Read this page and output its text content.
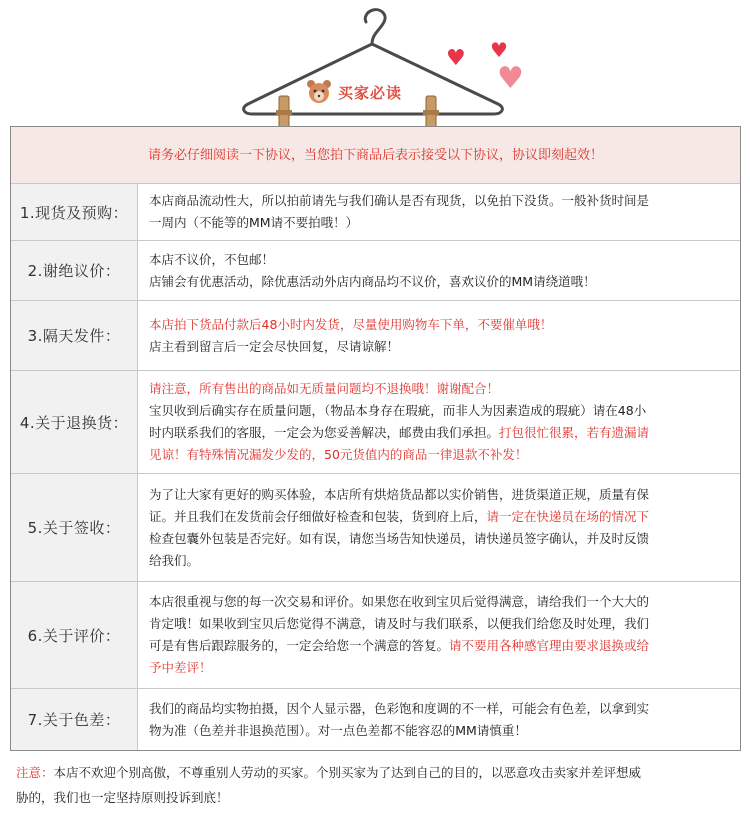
买家必读
♥ ♥
♥
请务必仔细阅读一下协议，当您拍下商品后表示接受以下协议，协议即刻起效！
1.现货及预购：

本店商品流动性大，所以拍前请先与我们确认是否有现货，以免拍下没货。一般补货时间是

一周内（不能等的MM请不要拍哦！）

2.谢绝议价：

本店不议价，不包邮！

店铺会有优惠活动，除优惠活动外店内商品均不议价，喜欢议价的MM请绕道哦！

3.隔天发件：

本店拍下货品付款后48小时内发货，尽量使用购物车下单，不要催单哦！

店主看到留言后一定会尽快回复，尽请谅解！

4.关于退换货：

请注意，所有售出的商品如无质量问题均不退换哦！谢谢配合！

宝贝收到后确实存在质量问题，（物品本身存在瑕疵，而非人为因素造成的瑕疵）请在48小

时内联系我们的客服，一定会为您妥善解决，邮费由我们承担。打包很忙很累，若有遗漏请

见谅！有特殊情况漏发少发的，50元货值内的商品一律退款不补发！

5.关于签收：

为了让大家有更好的购买体验，本店所有烘焙货品都以实价销售，进货渠道正规，质量有保

证。并且我们在发货前会仔细做好检查和包装，货到府上后，请一定在快递员在场的情况下

检查包囊外包装是否完好。如有误，请您当场告知快递员，请快递员签字确认，并及时反馈

给我们。

6.关于评价：

本店很重视与您的每一次交易和评价。如果您在收到宝贝后觉得满意，请给我们一个大大的

肯定哦！如果收到宝贝后您觉得不满意，请及时与我们联系，以便我们给您及时处理，我们

可是有售后跟踪服务的，一定会给您一个满意的答复。请不要用各种感官理由要求退换或给

予中差评！

7.关于色差：

我们的商品均实物拍摄，因个人显示器，色彩饱和度调的不一样，可能会有色差，以拿到实

物为准（色差并非退换范围）。对一点色差都不能容忍的MM请慎重！

注意：本店不欢迎个别高傲，不尊重别人劳动的买家。个别买家为了达到自己的目的，以恶意攻击卖家并差评想威
胁的，我们也一定坚持原则投诉到底！
